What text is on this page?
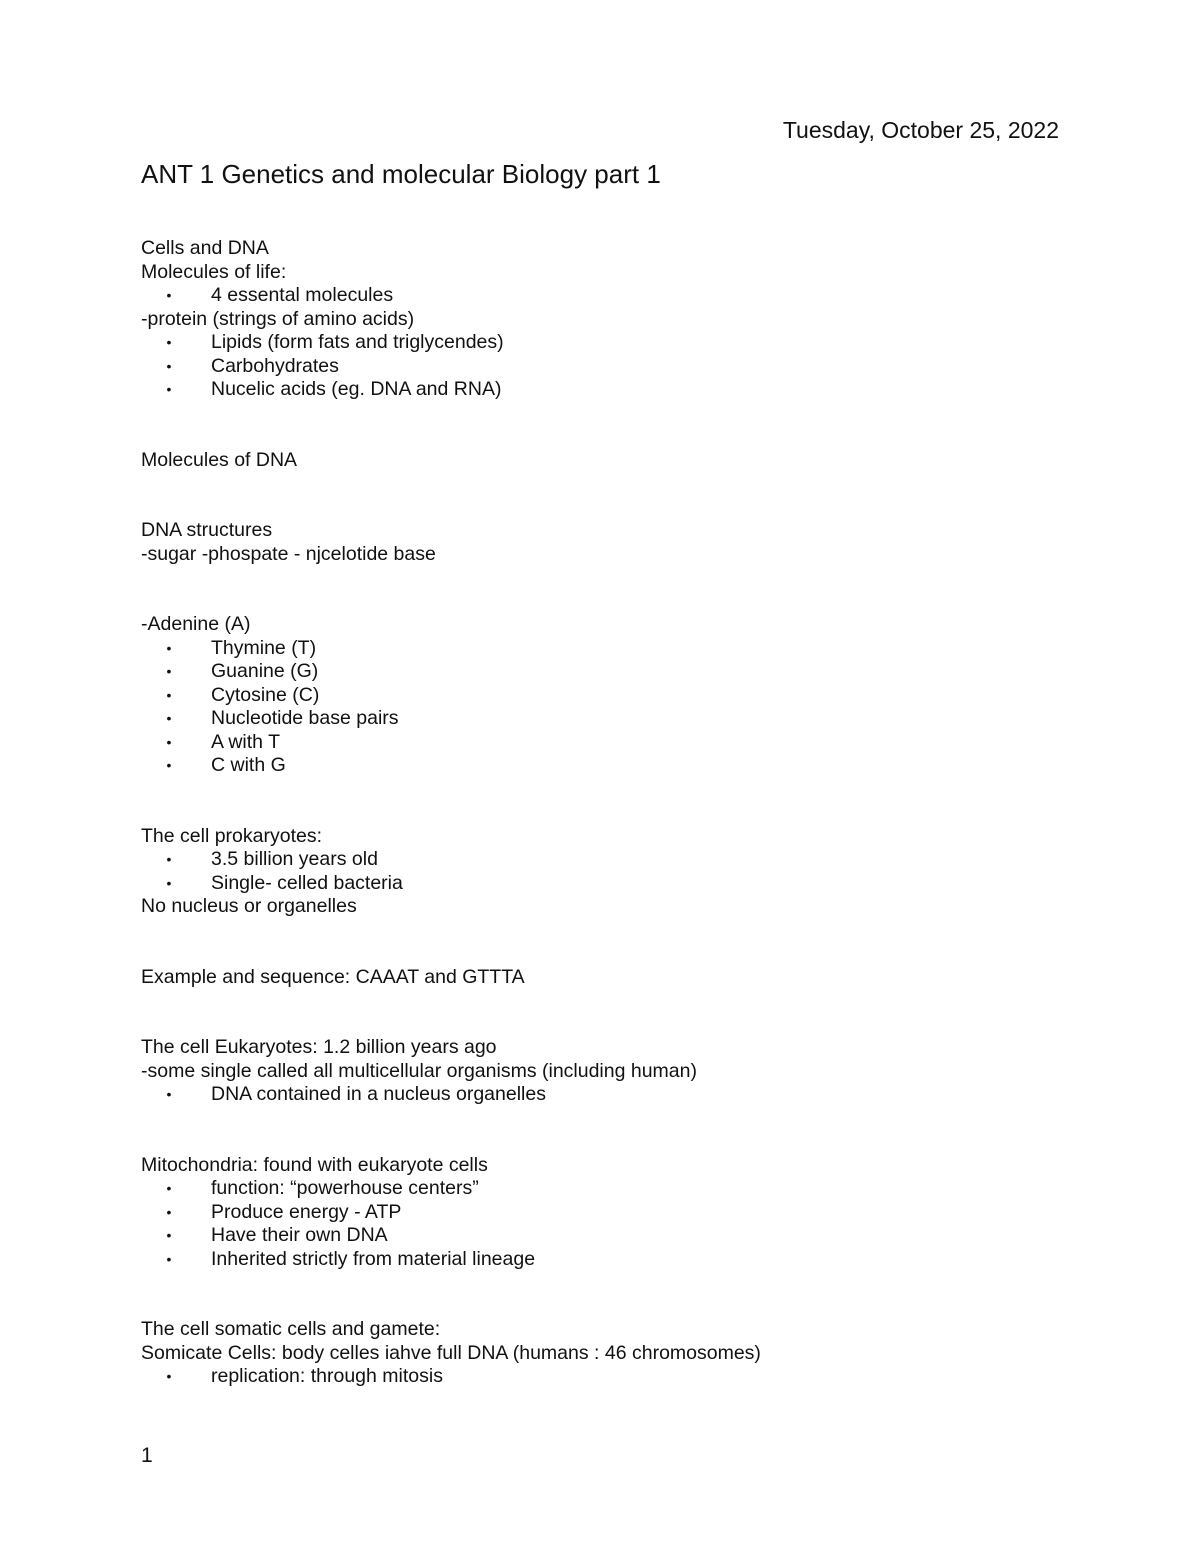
Tuesday, October 25, 2022
ANT 1 Genetics and molecular Biology part 1
Cells and DNA
Molecules of life:
• 4 essental molecules
-protein (strings of amino acids)
• Lipids (form fats and triglycendes)
• Carbohydrates
• Nucelic acids (eg. DNA and RNA)
Molecules of DNA
DNA structures
-sugar -phospate - njcelotide base
-Adenine (A)
• Thymine (T)
• Guanine (G)
• Cytosine (C)
• Nucleotide base pairs
• A with T
• C with G
The cell prokaryotes:
• 3.5 billion years old
• Single- celled bacteria
No nucleus or organelles
Example and sequence: CAAAT and GTTTA
The cell Eukaryotes: 1.2 billion years ago
-some single called all multicellular organisms (including human)
• DNA contained in a nucleus organelles
Mitochondria: found with eukaryote cells
• function: “powerhouse centers”
• Produce energy - ATP
• Have their own DNA
• Inherited strictly from material lineage
The cell somatic cells and gamete:
Somicate Cells: body celles iahve full DNA (humans : 46 chromosomes)
• replication: through mitosis
1
